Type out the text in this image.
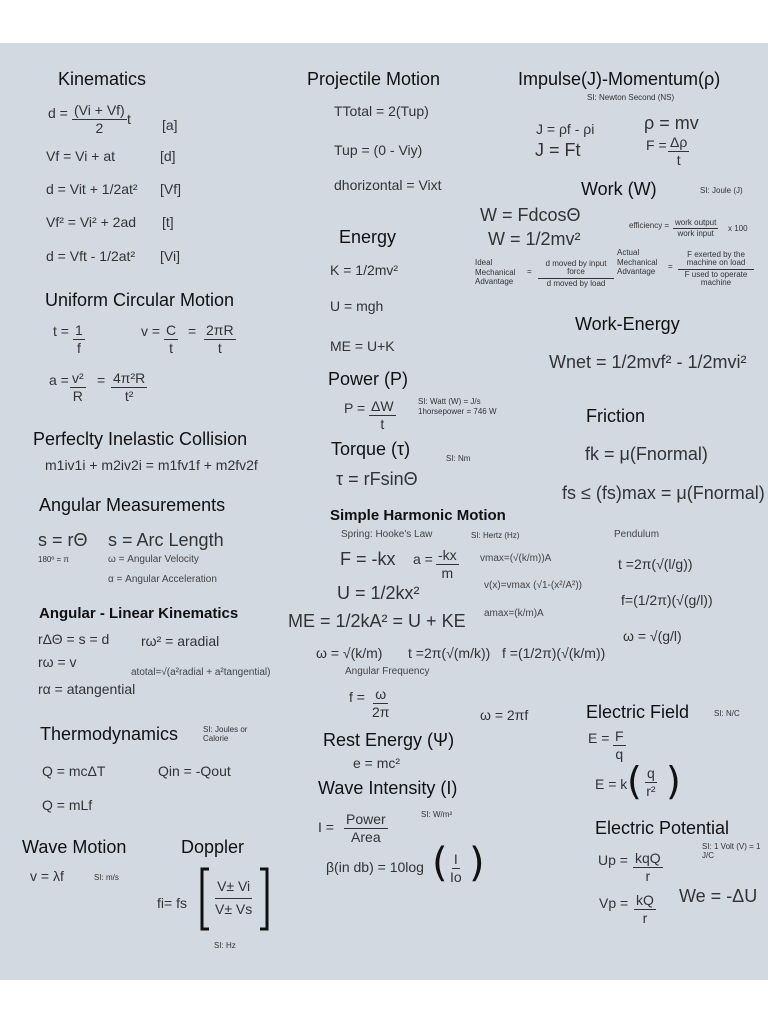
Kinematics
$d = \frac{(Vi + Vf)}{2}$ t [a]
Vf = Vi + at	[d]
d = Vit + 1/2at² [Vf]
Vf² = Vi² + 2ad [t]
d = Vft - 1/2at² [Vi]
Projectile Motion
TTotal = 2(Tup)
Tup = (0 - Viy)
dhorizontal = Vixt
Impulse(J)-Momentum(ρ)
SI: Newton Second (NS)
J = ρf - ρi	ρ = mv
J = Ft	$F = \frac{\Delta\rho}{t}$
Work (W)	SI: Joule (J)
W = FdcosΘ
W = 1/2mv²
efficiency = work output
work input
x 100
Ideal Mechanical Advantage
=
d moved by input force
d moved by load
Actual Mechanical Advantage
=
F exerted by the machine on load
F used to operate machine
Energy
K = 1/2mv²
U = mgh
ME = U+K
Uniform Circular Motion
$t = \frac{1}{f}$	$v = \frac{C}{t} = \frac{2\pi R}{t}$
$a = \frac{\text{v²}}{R} = \frac{\text{4π²R}}{\text{t²}}$
Work-Energy
Wnet = 1/2mvf² - 1/2mvi²
Power (P)
$P = \frac{\Delta W}{t}$	SI: Watt (W) = J/s
1horsepower = 746 W	Friction
fk = μ(Fnormal)
fs ≤ (fs)max = μ(Fnormal)
Perfeclty Inelastic Collision
m1iv1i + m2iv2i = m1fv1f + m2fv2f
Torque (τ)	SI: Nm
τ = rFsinΘ
Angular Measurements
s = rΘ s = Arc Length
180º = π	ω = Angular Velocity
α = Angular Acceleration
Simple Harmonic Motion
Spring: Hooke's Law	SI: Hertz (Hz)	Pendulum
F = -kx $a = \frac{-kx}{m} vmax=(√(k/m))A$	t =2π(√(l/g))
U = 1/2kx²	v(x)=vmax (√1-(x²/A²))
f=(1/2π)(√(g/l))
ME = 1/2kA² = U + KE amax=(k/m)A
ω = √(g/l)
ω = √(k/m) t =2π(√(m/k)) f =(1/2π)(√(k/m))
Angular Frequency
$f = \frac{\omega}{2\pi}$	ω = 2πf
Angular - Linear Kinematics
rΔΘ = s = d rω² = aradial
rω = v
atotal=√(a²radial + a²tangential)
rα = atangential
Electric Field	SI: N/C
$E = \frac{F}{q}$
E = k ( $\frac{q}{\text{r²}}$ )
Thermodynamics	SI: Joules or Calorie
Q = mcΔT	Qin = -Qout
Q = mLf
Rest Energy (Ψ)
e = mc²
Wave Intensity (I)
SI: W/m²
I = Power
Area
β(in db) = 10log ( $\frac{I}{Io}$ )
Electric Potential
SI: 1 Volt (V) = 1 J/C
Up = kqQ
r
We = -ΔU
$Vp = \frac{kQ}{r}$
Wave Motion
v = λf	SI: m/s
Doppler
fi= fs $\frac{V\pm Vi}{V\pm Vs}$
SI: Hz
